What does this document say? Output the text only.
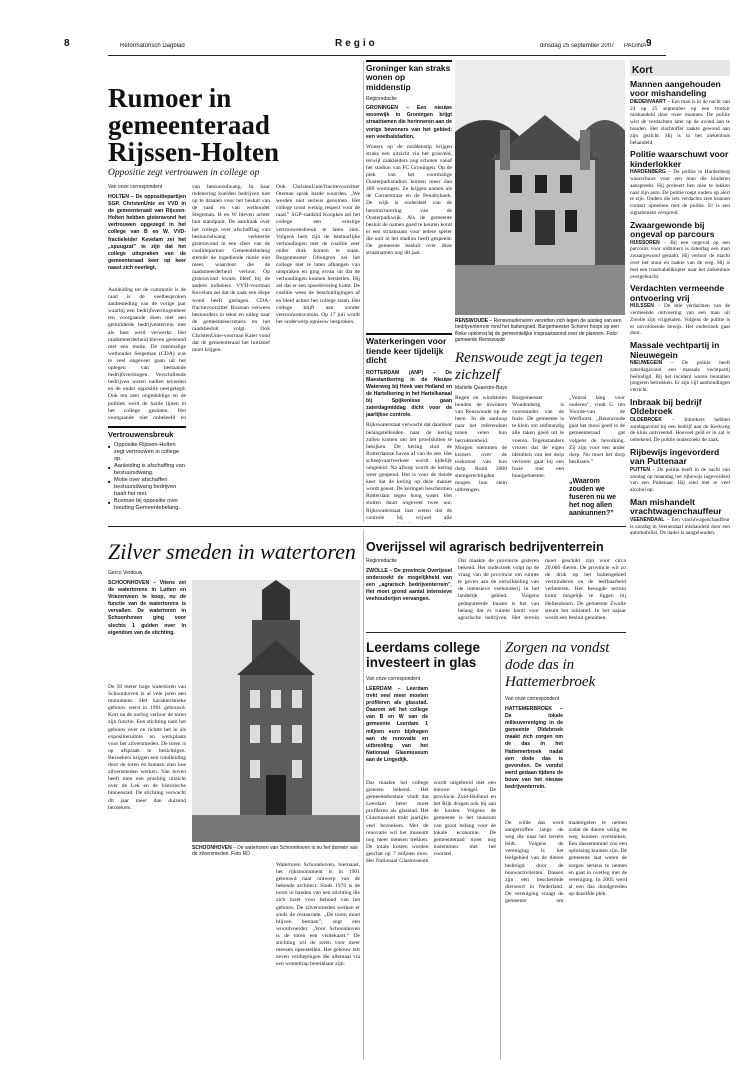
8	Reformatorisch Dagblad	Regio	dinsdag 25 september 2007 PAGINA 9
Rumoer in gemeenteraad Rijssen-Holten
Oppositie zegt vertrouwen in college op
Van onze correspondent
HOLTEN – De oppositiepartijen SGP, ChristenUnie en VVD in de gemeenteraad van Rijssen-Holten hebben gisteravond het vertrouwen opgezegd in het college van B en W. VVD-fractieleider Kevelam zei het „spuugzat” te zijn dat het college uitspraken van de gemeenteraad keer op keer naast zich neerlegt.
Aanleiding tot de commotie is de raad is de veelbesproken aanbesteding van de vorige jaar waarbij een bedrijfsvermogenheer ten voorgaande doen met een gemiddelde bedrijventerrein met als best werd verwerkt. Het raadsmeerderheid bleven gesteund met een motie. De toenmalige wethouder Stegeman (CDA) was te veel ongeveer gaan uit het oplegen van bestaande bedrijfsvermogen. Verschillende bedrijven waren nadien tevreden en de onder oppositie neergelegd. Ook ten zeer ongeduldige en de politiek werd de harde lijnen in het college gesloten. Het voorgaande niet onbeleefd en
van bestuursdwang. In haar redenering koelden bedrijven niet op te draaien voor het besluit van de raad en van wethouder Stegeman. B en W bleven achter hun standpunt. De aandraak over het college over afschaffing van bestuursdwang verkeerde gisteravond in een sfeer van de coalitiepartner Gemeentebelang stemde de ingediende motie niet meer, waardoor die de raadsmeerderheid verloor. Op gisteravond kwam bleef bij de andere indieners. VVD-voorman Kevelam zei dat de zaak een diepe wond heeft geslagen. CDA-fractievoorzitter Bosman verwees bestuurders in tekst en uitleg naar de gemeentesecretaris en het raadsbesluit volgt. Ook ChristenUnie-voorman Kater vond dat de gemeenteraad het initiatief moet krijgen.
Ook ChristenUnie/fractievoorzitter Oteman sprak harde woorden. „We werden niet serieus genomen. Het college toont weinig respect voor de raad.” SGP-raadslid Koopkes zei het college een ernstige vertrouwensbreuk te laten zien. Volgens hem zijn de bestuurlijke verhoudingen met de coalitie zeer onder druk komen te staan. Burgemeester Ollongren zei het college niet te laten afhangen van uitspraken en ging ervan uit dat de verhoudingen kunnen herstellen. Hij zei dat er een spoedoverleg komt. De coalitie wees de beschuldigingen af en bleef achter het college staan. Het college blijft aan zonder vertrouwensvotum. Op 17 juli wordt het onderwerp opnieuw besproken.
Vertrouwensbreuk
■ Oppositie Rijssen-Holten zegt vertrouwen in college op.
■ Aanleiding is afschaffing van bestuursdwang.
■ Motie over afschaffen bestuursdwang bedrijven haalt het niet.
■ Bosman bij oppositie over houding Gemeentebelang.
Groninger kan straks wonen op middenstip
Regioredactie
GRONINGEN – Een nieuwe woonwijk in Groningen krijgt straatnamen die herinneren aan de vorige bewoners van het gebied: een voetbalstadion.
Woners op de middenstip krijgen straks een uitzicht via het grasveld, terwijl zaakleiders nog schoten vanaf het stadion van FC Groningen. Op de plek van het voormalige Oosterparkstadion komen meer dan 400 woningen. Ze krijgen namen als de Cornerstraat en de Penaltyhoek. De wijk is onderdeel van de herstructurering van de Oosterparkwijk. Als de gemeente besluit de namen goed te keuren komt er een straatnaam voor iedere speler die ooit in het stadion heeft gespeeld. De gemeente besluit over deze straatnamen nog dit jaar.
Waterkeringen voor tiende keer tijdelijk dicht
ROTTERDAM (ANP) – De Maeslantkering in de Nieuwe Waterweg bij Hoek van Holland en de Hartelkering in het Hartelkanaal bij Spijkenisse gaan zaterdagmiddag dicht voor de jaarlijkse controle.
Rijkswaterstaat verwacht dat daardoor belangstellenden naar de kering zullen komen om het proefsluiten te bekijken. De kering sluit de Rotterdamse haven af van de zee. Het scheepvaartverkeer wordt tijdelijk omgeleid. Na afloop wordt de kering weer geopend. Het is voor de tiende keer dat de kering op deze manier wordt getest. De keringen beschermen Rotterdam tegen hoog water. Het sluiten duurt ongeveer twee uur. Rijkswaterstaat laat weten dat de controle bij vrijwel alle
RENSWOUDE – Renswoudenaren verzetten zich tegen de aanleg van een bedrijventerrein rond het buitengoed. Burgemeester Schorer hoopt op een flinke opkomst bij de gemeentelijke inspraakavond over de plannen. Foto: gemeente Renswoude
Renswoude zegt ja tegen zichzelf
Marielle Quaestro-Buys
Regen en windstoten houden de inwoners van Renswoude op de been. In de aanloop naar het referendum tonen velen hun betrokkenheid. Morgen stemmen de kiezers over de toekomst van hun dorp. Ruim 3000 stemgerechtigden mogen hun stem uitbrengen.
Burgemeester Woudenberg is voorstander van de fusie. De gemeente is te klein om zelfstandig alle taken goed uit te voeren. Tegenstanders vrezen dat de eigen identiteit van het dorp verloren gaat bij een fusie met een buurgemeente.
„Vooral lang voor ouderen”, vindt G. ten Voorde-van de Werfhorst. „Renswoude gaat het mooi goed in de gemeenteraad gat volgens de bevolking. Zij zijn voor een ander dorp. Nu moet het dorp beslissen.”
„Waarom zouden we fuseren nu we het nog allen aankunnen?”
Kort
Mannen aangehouden voor mishandeling
DIEDENVAART – Een man is in de nacht van 24 op 25 september op een trottoir mishandeld door twee mannen. De politie wist de verdachten later op de avond aan te houden. Het slachtoffer raakte gewond aan zijn gezicht. Hij is in het ziekenhuis behandeld.
Politie waarschuwt voor kinderlokker
HARDENBERG – De politie in Hardenberg waarschuwt voor een man die kinderen aanspreekt. Hij probeert hen mee te lokken naar zijn auto. De politie roept ouders op alert te zijn. Ouders die iets verdachts zien kunnen contact opnemen met de politie. Er is een signalement verspreid.
Zwaargewonde bij ongeval op parcours
HUISSOREN – Bij een ongeval op een parcours voor oldtimers is zaterdag een man zwaargewond geraakt. Hij verloor de macht over het stuur en raakte van de weg. Hij is met een traumahelikopter naar het ziekenhuis overgebracht.
Verdachten vermeende ontvoering vrij
HULSSEN – De drie verdachten van de vermeende ontvoering van een man uit Zwolle zijn vrijgelaten. Volgens de politie is er onvoldoende bewijs. Het onderzoek gaat door.
Massale vechtpartij in Nieuwegein
NIEUWEGEIN – De politie heeft zaterdagavond een massale vechtpartij beëindigd. Bij het incident waren tientallen jongeren betrokken. Er zijn vijf aanhoudingen verricht.
Inbraak bij bedrijf Oldebroek
OLDEBROEK – Inbrekers hebben zondagavond bij een bedrijf aan de Kerkweg de kluis ontvreemd. Hoeveel geld er in zat is onbekend. De politie onderzoekt de zaak.
Rijbewijs ingevorderd van Puttenaar
PUTTEN – De politie heeft in de nacht van zondag op maandag het rijbewijs ingevorderd van een Puttenaar. Hij reed met te veel alcohol op.
Man mishandelt vrachtwagenchauffeur
VEENENDAAL – Een vrachtwagenchauffeur is zondag in Veenendaal mishandeld door een automobilist. De dader is aangehouden.
Zilver smeden in watertoren
Gerco Verdouw
SCHOONHOVEN – Vitens zet de watertorens in Lutten en Vriezenveen te koop, nu de functie van de watertorens is vervallen. De watertoren in Schoonhoven ging voor slechts 1 gulden over in eigendom van de stichting.
De 50 meter hoge watertoren van Schoonhoven is al vele jaren een monument. Het karakteristieke gebouw werd in 1901 gebouwd. Kort na de oorlog verloor de toren zijn functie. Een stichting nam het gebouw over en richtte het in als expositieruimte en werkplaats voor het zilversmeden. De toren is op afspraak te bezichtigen. Bezoekers krijgen een rondleiding door de toren en kunnen zien hoe zilversmeden werken. Van boven heeft men een prachtig uitzicht over de Lek en de historische binnenstad. De stichting verwacht dit jaar meer dan duizend bezoekers.
SCHOONHOVEN – De watertoren van Schoonhoven is nu het domein van de zilversmeden. Foto RD
Watertoren Schoonhoven, hiernaast, het rijksmonument is in 1901 gebouwd naar ontwerp van de bekende architect. Sinds 1976 is de toren in handen van een stichting die zich inzet voor behoud van het gebouw. De zilversmeden werken er sinds de restauratie. „De toren moet blijven bestaan”, zegt een woordvoerder. „Voor Schoonhoven is de toren een visitekaart.” De stichting wil de toren voor meer mensen openstellen. Het gebouw telt zeven verdiepingen die allemaal via een wenteltrap bereikbaar zijn.
Overijssel wil agrarisch bedrijventerrein
Regioredactie
ZWOLLE – De provincie Overijssel onderzoekt de mogelijkheid van een „agrarisch bedrijventerrein”. Het moet grond aantal intensieve veehouderijen vervangen.
Dat maakte de provincie gisteren bekend. Het onderzoek volgt op de vraag van de provincie om ruimte te geven aan de ontwikkeling van de intensieve veehouderij in het landelijk gebied. Volgens gedeputeerde Jansen is het van belang dat er ruimte komt voor agrarische bedrijven. Het terrein moet geschikt zijn voor circa 20.000 dieren. De provincie wil zo de druk op het buitengebied verminderen en de leefbaarheid verbeteren. Het beoogde terrein komt mogelijk te liggen bij Hellendoorn. De gemeente Zwolle steunt het initiatief. In het najaar wordt een besluit genomen.
Leerdams college investeert in glas
Van onze correspondent
LEERDAM – Leerdam trekt veel meer moeten profileren als glasstad. Daarom wil het college van B en W van de gemeente Leerdam 1 miljoen euro bijdragen aan de renovatie en uitbreiding van het Nationaal Glasmuseum aan de Lingedijk.
Dat maakte het college gisteren bekend. Het gemeentebestuur vindt dat Leerdam beter moet profileren als glasstad. Het Glasmuseum trekt jaarlijks veel bezoekers. Met de renovatie wil het museum nog meer mensen trekken. De totale kosten worden geschat op 7 miljoen euro. Het Nationaal Glasmuseum wordt uitgebreid met een nieuwe vleugel. De provincie Zuid-Holland en het Rijk dragen ook bij aan de kosten. Volgens de gemeente is het museum van groot belang voor de lokale economie. De gemeenteraad moet nog instemmen met het voorstel.
Zorgen na vondst dode das in Hattemerbroek
Van onze correspondent
HATTEMERBROEK – De lokale milieuvereniging in de gemeente Oldebroek maakt zich zorgen om de das in het Hattemerbroek nadat een dode das is gevonden. De vondst werd gedaan tijdens de bouw van het nieuwe bedrijventerrein.
De wilde das werd aangetroffen langs de weg die naar het terrein leidt. Volgens de vereniging is het leefgebied van de dieren bedreigd door de bouwactiviteiten. Dassen zijn een beschermde diersoort in Nederland. De vereniging vraagt de gemeente om maatregelen te nemen zodat de dieren veilig de weg kunnen oversteken. Een dassentunnel zou een oplossing kunnen zijn. De gemeente laat weten de zorgen serieus te nemen en gaat in overleg met de vereniging. In 2005 werd al een das doodgereden op dezelfde plek.
